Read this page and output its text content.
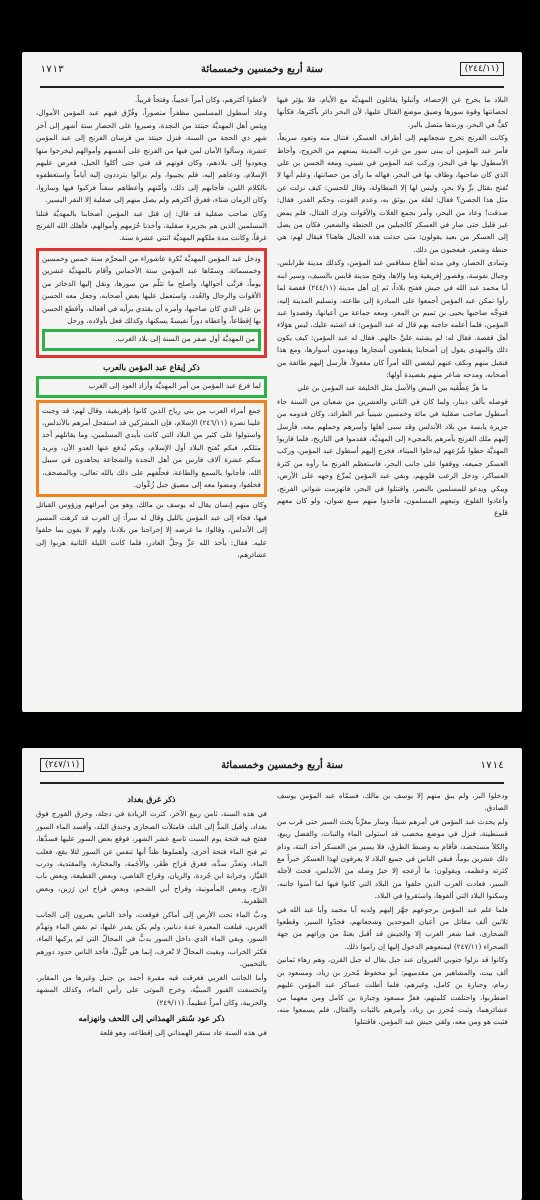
١٧١٣	سنة أربع وخمسين وخمسمائة	(٢٤٤/١١)

البلاد ما يخرج عن الإحصاء، وأتبلوا يقاتلون المهديَّة مع الأيام، فلا يؤثر فيها لحصانتها وقوة سورها وضيق موضع القتال عليها، لأن البحر دائر بأكثرها، فكأنها كفٌّ في البحر، وزندها متصل بالبر.

وكانت الفرنج تخرج شجعانهم إلى أطراف العسكر، فتنال منه وتعود سريعاً، فأمر عبد المؤمن أن يبنى سور من غرب المدينة يمنعهم من الخروج، وأحاط الأسطول بها في البحر، وركب عبد المؤمن في شيني، ومعه الحسن بن علي الذي كان صاحبها، وطاف بها في البحر، فهاله ما رأى من حصانتها، وعلم أنها لا تُفتح بقتال برٍّ ولا بحرٍ، وليس لها إلا المطاولة، وقال للحسن: كيف نزلت عن مثل هذا الحصن؟ فقال: لقلة من يوثق به، وعدم القوت، وحكم القدر. فقال: صدقت! وعاد من البحر، وأمر بجمع الغلات والأقوات وترك القتال، فلم يمض غير قليل حتى صار في العسكر كالجبلين من الحنطة والشعير، فكان من يصل إلى العسكر من بعيد يقولون: متى حدثت هذه الجبال هاهنا؟ فيقال لهم: هي حنطة وشعير. فيعجبون من ذلك.

وتمادى الحصار، وفي مدته أطاع سفاقس عبد المؤمن، وكذلك مدينة طرابلس، وجبال نفوسة، وقصور إفريقية وما والاها، وفتح مدينة قابس بالسيف، وسير ابنه أبا محمد عبد الله في جيش ففتح بلاداً، ثم إن أهل مدينة (٢٤٤/١١) قفصة لما رأوا تمكن عبد المؤمن أجمعوا على المبادرة إلى طاعته، وتسليم المدينة إليه، فتوجَّه صاحبها يحيى بن تميم بن المعز، ومعه جماعة من أعيانها، وقصدوا عبد المؤمن، فلما أعلمه حاجبه بهم قال له عبد المؤمن: قد اشتبه عليك، ليس هؤلاء أهل قفصة. فقال له: لم يشتبه عليَّ حالهم. فقال له عبد المؤمن: كيف يكون ذلك والمهدي يقول إن أصحابنا يقطعون أشجارها ويهدمون أسوارها، ومع هذا فنقبل منهم ونكف عنهم ليقضي الله أمراً كان مفعولاً، فأرسل إليهم طائفة من أصحابه، ومدحه شاعر منهم بقصيدة أولها:

ما هزَّ عِطْفَيه بين البيض والأسل مثل الخليفة عبد المؤمن بن علي

فوصله بألف دينار، ولما كان في الثاني والعشرين من شعبان من السنة جاء أسطول صاحب صقلية في مائة وخمسين شينياً غير الطرائد، وكان قدومه من جزيرة يابسة من بلاد الأندلس وقد سبى أهلها وأسرهم وحملهم معه، فأرسل إليهم ملك الفرنج يأمرهم بالمجيء إلى المهديَّة، فقدموا في التاريخ، فلما قاربوا المهديَّة حطوا شُرُعهم ليدخلوا الميناء، فخرج إليهم أسطول عبد المؤمن، وركب العسكر جميعه، ووقفوا على جانب البحر، فاستعظم الفرنج ما رأوه من كثرة العساكر، ودخل الرعب قلوبهم، وبقي عبد المؤمن يُمرِّغ وجهه على الأرض، ويبكي ويدعو للمسلمين بالنصر، واقتتلوا في البحر، فانهزمت شواني الفرنج، وأعادوا القلوع، وتبعهم المسلمون، فأخذوا منهم سبع شوان، ولو كان معهم قلوع

لأعطوا أكثرهم، وكان أمراً عجيباً، وفتحاً قريباً.

وعاد أسطول المسلمين مظفراً منصوراً، وفُرِّق فيهم عبد المؤمن الأموال، ويئس أهل المهديَّة حينئذ من النجدة، وصبروا على الحصار ستة أشهر إلى آخر شهر ذي الحجة من السنة، فنزل حينئذ من فرسان الفرنج إلى عبد المؤمن عشرة، وسألوا الأمان لمن فيها من الفرنج على أنفسهم وأموالهم ليخرجوا منها ويعودوا إلى بلادهم، وكان قوتهم قد فني حتى أكلوا الخيل، فعرض عليهم الإسلام، ودعاهم إليه، فلم يجيبوا، ولم يزالوا يترددون إليه أياماً واستعطفوه بالكلام اللين، فأجابهم إلى ذلك، وأمّنهم وأعطاهم سفناً فركبوا فيها وساروا، وكان الزمان شتاء، فغرق أكثرهم ولم يصل منهم إلى صقلية إلا النفر اليسير.

وكان صاحب صقلية قد قال: إن قتل عبد المؤمن أصحابنا بالمهديَّة قتلنا المسلمين الذين هم بجزيرة صقلية، وأخذنا حُرَمهم وأموالهم، فأهلك الله الفرنج غرقاً، وكانت مدة ملكهم المهديَّة اثنتي عشرة سنة.

ودخل عبد المؤمن المهديَّة بُكرة عاشوراء من المحرَّم سنة خمس وخمسين وخمسمائة، وسمّاها عبد المؤمن سنة الأخماس وأقام بالمهديَّة عشرين يوماً، فرتَّب أحوالها، وأصلح ما تثلّم من سورها، ونقل إليها الذخائر من الأقوات والرجال والعُدد، واستعمل عليها بعض أصحابه، وجعل معه الحسن بن علي الذي كان صاحبها، وأمره أن يقتدي برأيه في أفعاله، وأقطع الحسن بها إقطاعاً، وأعطاه دوراً نفيسةً يسكنها، وكذلك فعل بأولاده، ورحل

من المهديَّة أول صفر من السنة إلى بلاد الغرب.

ذكر إيقاع عبد المؤمن بالعرب

لما فرغ عبد المؤمن من أمر المهديَّة وأراد العود إلى الغرب

جمع أمراء العرب من بني رياح الذين كانوا بإفريقية، وقال لهم: قد وجبت علينا نصرة (٢٤٦/١١) الإسلام، فإن المشركين قد استفحل أمرهم بالأندلس، واستولوا على كثير من البلاد التي كانت بأيدي المسلمين، وما يقاتلهم أحد مثلكم، فبكم تُفتح البلاد أول الإسلام، وبكم يُدفع عنها العدو الآن، ونريد منكم عشرة آلاف فارس من أهل النجدة والشجاعة يجاهدون في سبيل الله، فأجابوا بالسمع والطاعة، فحلّفهم على ذلك بالله تعالى، وبالمصحف، فحلفوا، ومضوا معه إلى مضيق جبل زُغْوان.

وكان منهم إنسان يقال له يوسف بن مالك، وهو من أمرائهم ورؤوس القبائل فيها، فجاء إلى عبد المؤمن بالليل وقال له سراً: إن العرب قد كرهت المسير إلى الأندلس، وقالوا: ما غرضه إلا إخراجنا من بلادنا، ولهم لا يفون بما حلفوا عليه. فقال: يأخذ الله عزَّ وجلَّ الغادر، فلما كانت الليلة الثانية هربوا إلى عشائرهم،

(٢٤٧/١١)	سنة أربع وخمسين وخمسمائة	١٧١٤

ودخلوا البر، ولم يبق منهم إلا يوسف بن مالك، فسمّاه عبد المؤمن يوسف الصادق.

ولم يحدث عبد المؤمن في أمرهم شيئاً، وسار مغرِّباً يحث السير حتى قرب من قسنطينة، فنزل في موضع مخصب قد استولى الماء والنبات، والفضل ربيع، والكلأ مستحصد، فأقام به وضبط الطرق، فلا يسير من العسكر أحد البتة، ودام ذلك عشرين يوماً، فبقي الناس في جميع البلاد لا يعرفون لهذا العسكر خبراً مع كثرته وعظمه، ويقولون: ما أزعجه إلا خبرٌ وصله من الأندلس، فحث لأجله السير، فعادت العرب الذين حلفوا من البلاد التي كانوا فيها لما أمنوا جانبه، وسكنوا البلاد التي ألفوها، واستقروا في البلاد.

فلما علم عبد المؤمن برجوعهم جهَّز إليهم ولديه أبا محمد وأبا عبد الله في ثلاثين ألف مقاتل من أعيان الموحدين وشجعانهم، فجدّوا السير، وقطعوا الصحارى، فما شعر العرب إلا والجيش قد أقبل بغتةً من ورائهم من جهة الصحراء (٢٤٧/١١) ليمنعوهم الدخول إليها إن راموا ذلك.

وكانوا قد نزلوا جنوبي القيروان عند جبل يقال له جبل القرن، وهم زهاء ثمانين ألف بيت، والمشاهير من مقدميهم: أبو محفوظ مُحرز بن زياد، ومسعود بن زمام، وجبارة بن كامل، وغيرهم، فلما أطلت عساكر عبد المؤمن عليهم اضطربوا، واختلفت كلمتهم، ففرَّ مسعود وجبارة بن كامل ومن معهما من عشائرهما، وثبت مُحرز بن زياد، وأمرهم بالثبات والقتال، فلم يسمعوا منه، فثبت هو ومن معه، ولقي جيش عبد المؤمن، فاقتتلوا

ذكر غرق بغداد

في هذه السنة، ثامن ربيع الآخر، كثرت الزيادة في دجلة، وخرق القورج فوق بغداد، وأقبل المدُّ إلى البلد، فامتلأت الصحارى وخندق البلد، وأفسد الماء السور ففتح فيه فتحة يوم السبت تاسع عشر الشهر، فوقع بعض السور عليها فسدَّها، ثم فتح الماء فتحة أخرى، وأهملوها ظناً أنها تنفس عن السور لئلا يقع، فغلب الماء، وتعذّر سدَّه، فغرق قراح ظَفَر، والأَجَمة، والمختارة، والمقتدية، ودرب القيَّار، وخرابة ابن جُردة، والريان، وقراح القاضي، وبعض القطيعة، وبعض باب الأزج، وبعض المأمونية، وقراح أبي الشحم، وبعض قراح ابن رَزين، وبعض الظفرية.

ودبَّ الماء تحت الأرض إلى أماكن فوقعت، وأخذ الناس يعبرون إلى الجانب الغربي، فبلغت المعبرة عدة دنانير، ولم يكن يقدر عليها، ثم نقص الماء وتهدَّم السور، وبقي الماء الذي داخل السور يدبُّ في المحالّ التي لم يركبها الماء، فكثر الخراب، وبقيت المحالّ لا تُعرف، إنما هي تُلُولٌ، فأخذ الناس حدود دورهم بالتخمين.

وأما الجانب الغربي فغرقت فيه مقبرة أحمد بن حنبل وغيرها من المقابر، وانخسفت القبور المبنيَّة، وخرج الموتى على رأس الماء، وكذلك المشهد والحربية، وكان أمراً عظيماً. (٢٤٩/١١)

ذكر عود سُنقر الهمذاني إلى اللحف وانهزامه

في هذه السنة عاد سنقر الهمذاني إلى إقطاعه، وهو قلعة
